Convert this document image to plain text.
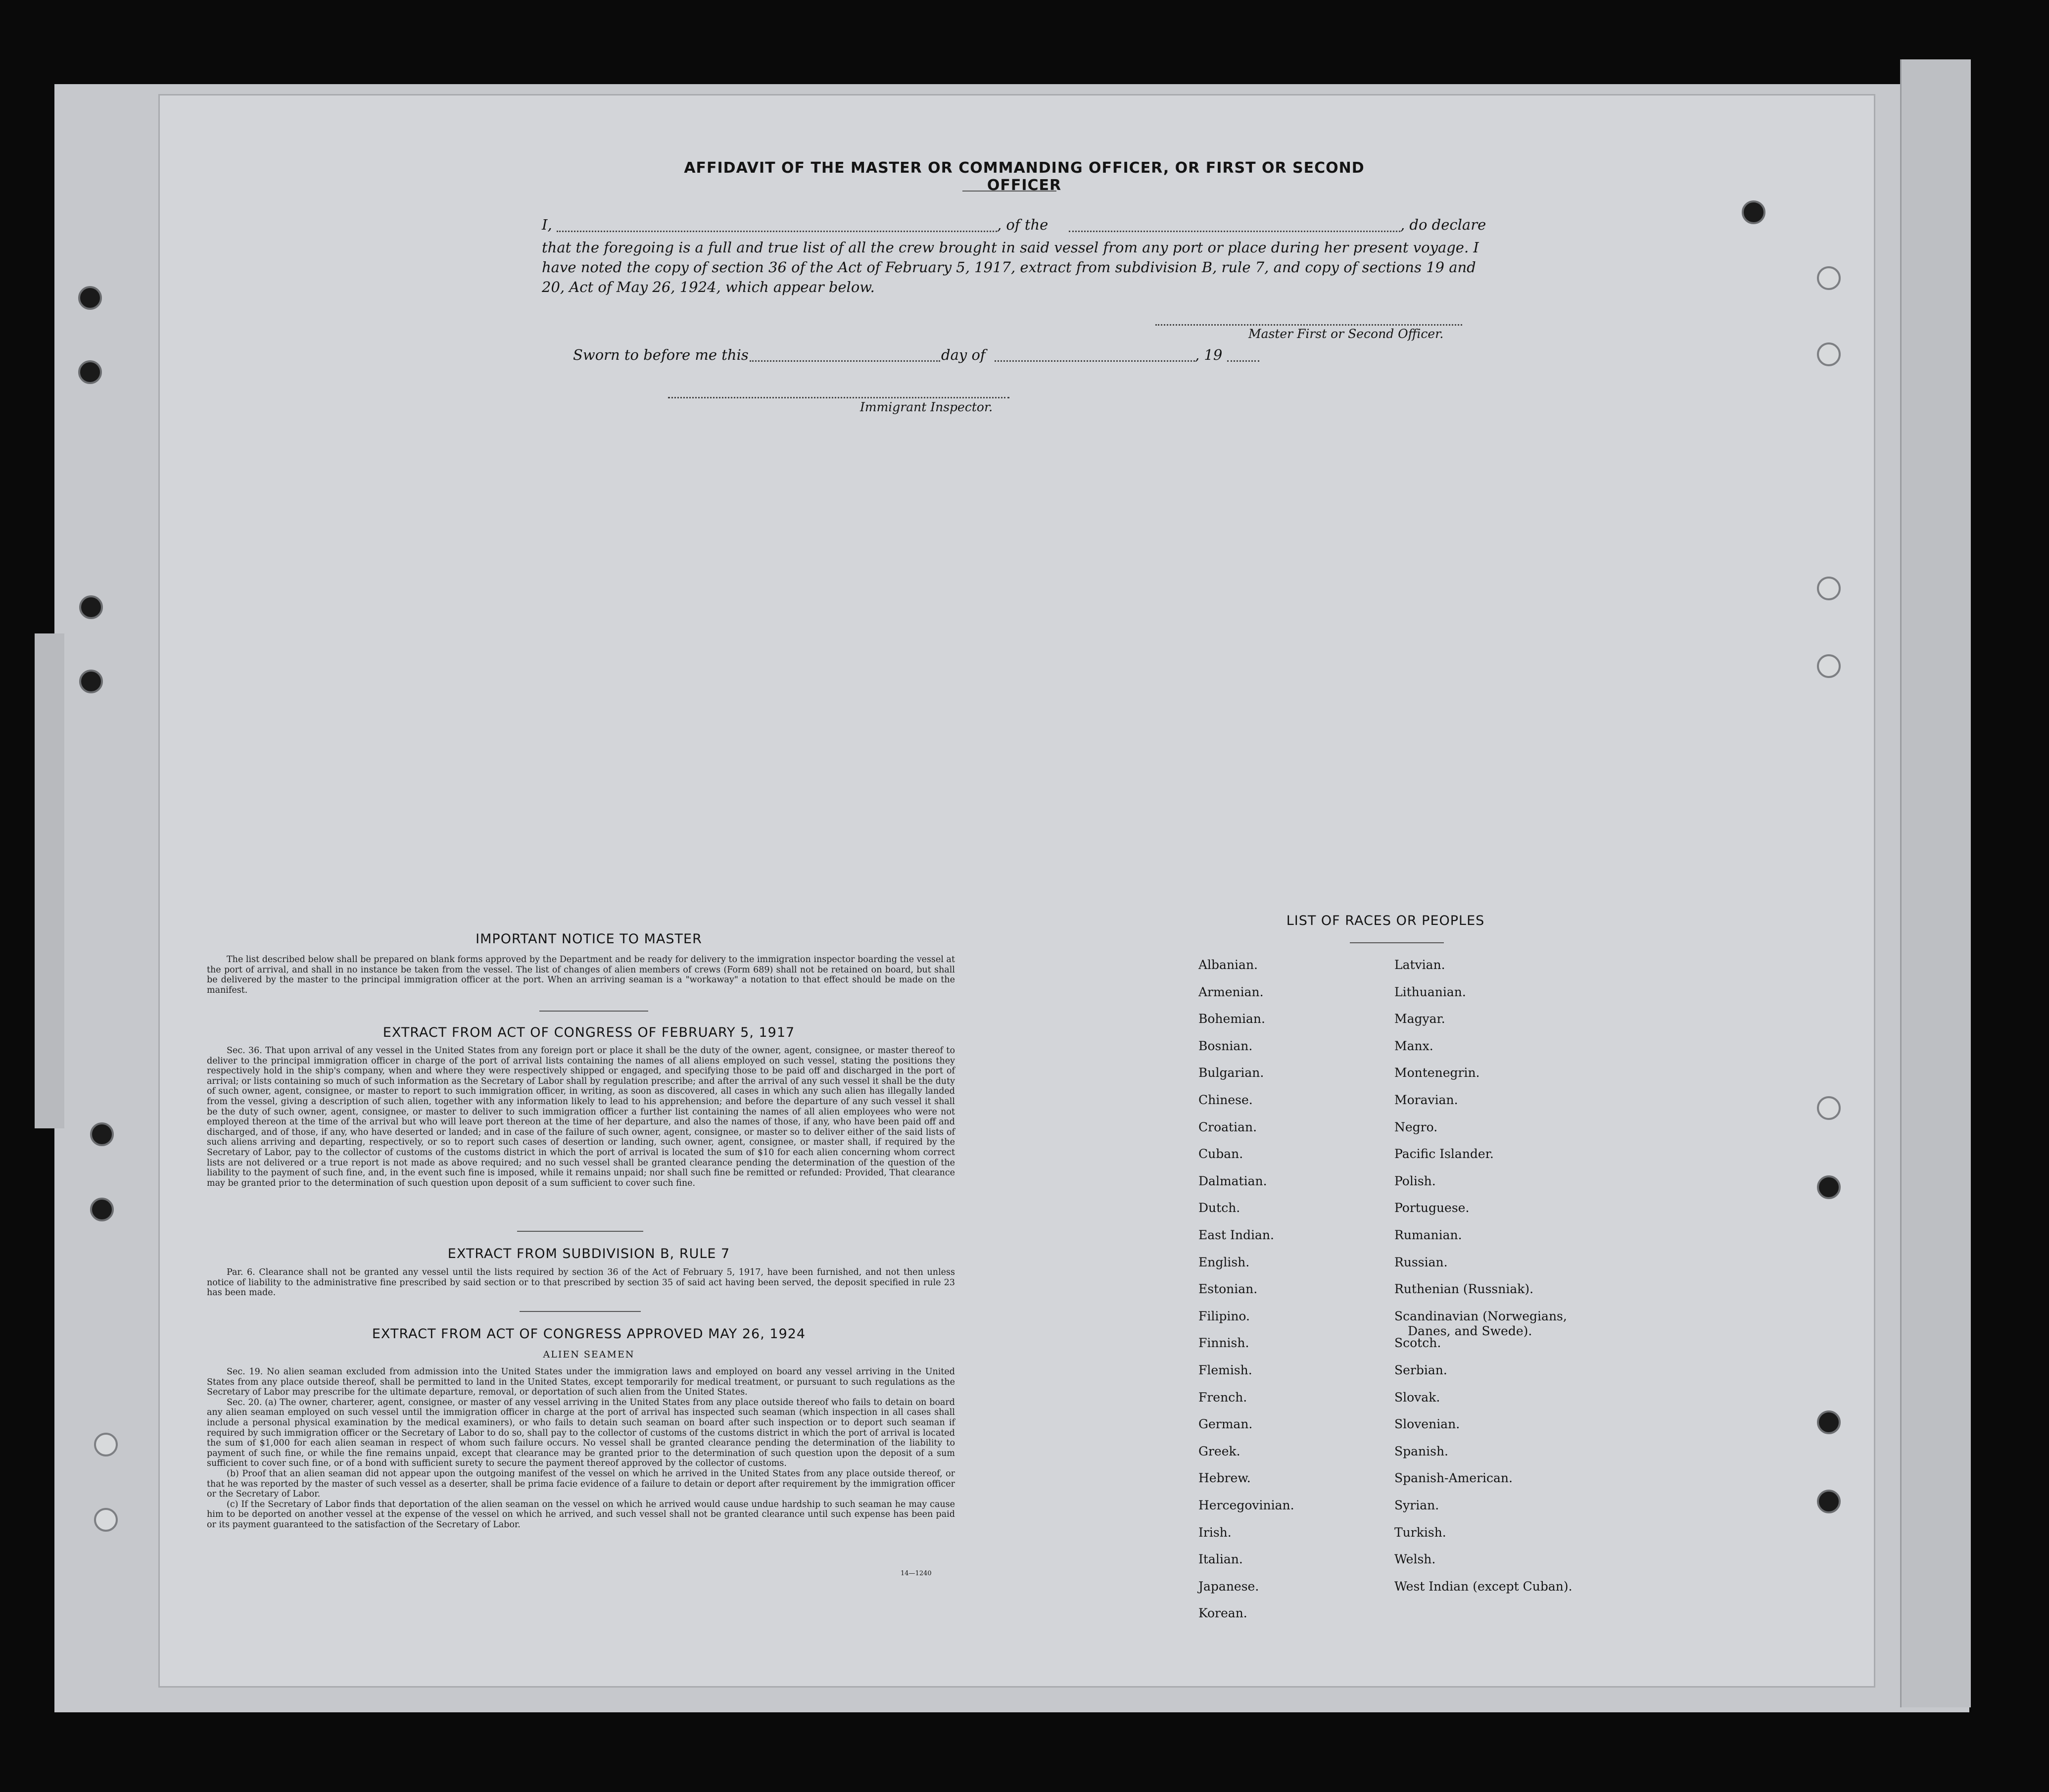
AFFIDAVIT OF THE MASTER OR COMMANDING OFFICER, OR FIRST OR SECOND OFFICER
I,	, of the	, do declare
that the foregoing is a full and true list of all the crew brought in said vessel from any port or place during her present voyage. I have noted the copy of section 36 of the Act of February 5, 1917, extract from subdivision B, rule 7, and copy of sections 19 and 20, Act of May 26, 1924, which appear below.
Master First or Second Officer.
Sworn to before me this	day of	, 19
Immigrant Inspector.
IMPORTANT NOTICE TO MASTER

The list described below shall be prepared on blank forms approved by the Department and be ready for delivery to the immigration inspector boarding the vessel at the port of arrival, and shall in no instance be taken from the vessel. The list of changes of alien members of crews (Form 689) shall not be retained on board, but shall be delivered by the master to the principal immigration officer at the port. When an arriving seaman is a "workaway" a notation to that effect should be made on the manifest.

EXTRACT FROM ACT OF CONGRESS OF FEBRUARY 5, 1917

Sec. 36. That upon arrival of any vessel in the United States from any foreign port or place it shall be the duty of the owner, agent, consignee, or master thereof to deliver to the principal immigration officer in charge of the port of arrival lists containing the names of all aliens employed on such vessel, stating the positions they respectively hold in the ship's company, when and where they were respectively shipped or engaged, and specifying those to be paid off and discharged in the port of arrival; or lists containing so much of such information as the Secretary of Labor shall by regulation prescribe; and after the arrival of any such vessel it shall be the duty of such owner, agent, consignee, or master to report to such immigration officer, in writing, as soon as discovered, all cases in which any such alien has illegally landed from the vessel, giving a description of such alien, together with any information likely to lead to his apprehension; and before the departure of any such vessel it shall be the duty of such owner, agent, consignee, or master to deliver to such immigration officer a further list containing the names of all alien employees who were not employed thereon at the time of the arrival but who will leave port thereon at the time of her departure, and also the names of those, if any, who have been paid off and discharged, and of those, if any, who have deserted or landed; and in case of the failure of such owner, agent, consignee, or master so to deliver either of the said lists of such aliens arriving and departing, respectively, or so to report such cases of desertion or landing, such owner, agent, consignee, or master shall, if required by the Secretary of Labor, pay to the collector of customs of the customs district in which the port of arrival is located the sum of $10 for each alien concerning whom correct lists are not delivered or a true report is not made as above required; and no such vessel shall be granted clearance pending the determination of the question of the liability to the payment of such fine, and, in the event such fine is imposed, while it remains unpaid; nor shall such fine be remitted or refunded: Provided, That clearance may be granted prior to the determination of such question upon deposit of a sum sufficient to cover such fine.

EXTRACT FROM SUBDIVISION B, RULE 7

Par. 6. Clearance shall not be granted any vessel until the lists required by section 36 of the Act of February 5, 1917, have been furnished, and not then unless notice of liability to the administrative fine prescribed by said section or to that prescribed by section 35 of said act having been served, the deposit specified in rule 23 has been made.

EXTRACT FROM ACT OF CONGRESS APPROVED MAY 26, 1924
ALIEN SEAMEN

Sec. 19. No alien seaman excluded from admission into the United States under the immigration laws and employed on board any vessel arriving in the United States from any place outside thereof, shall be permitted to land in the United States, except temporarily for medical treatment, or pursuant to such regulations as the Secretary of Labor may prescribe for the ultimate departure, removal, or deportation of such alien from the United States.

Sec. 20. (a) The owner, charterer, agent, consignee, or master of any vessel arriving in the United States from any place outside thereof who fails to detain on board any alien seaman employed on such vessel until the immigration officer in charge at the port of arrival has inspected such seaman (which inspection in all cases shall include a personal physical examination by the medical examiners), or who fails to detain such seaman on board after such inspection or to deport such seaman if required by such immigration officer or the Secretary of Labor to do so, shall pay to the collector of customs of the customs district in which the port of arrival is located the sum of $1,000 for each alien seaman in respect of whom such failure occurs. No vessel shall be granted clearance pending the determination of the liability to payment of such fine, or while the fine remains unpaid, except that clearance may be granted prior to the determination of such question upon the deposit of a sum sufficient to cover such fine, or of a bond with sufficient surety to secure the payment thereof approved by the collector of customs.

(b) Proof that an alien seaman did not appear upon the outgoing manifest of the vessel on which he arrived in the United States from any place outside thereof, or that he was reported by the master of such vessel as a deserter, shall be prima facie evidence of a failure to detain or deport after requirement by the immigration officer or the Secretary of Labor.

(c) If the Secretary of Labor finds that deportation of the alien seaman on the vessel on which he arrived would cause undue hardship to such seaman he may cause him to be deported on another vessel at the expense of the vessel on which he arrived, and such vessel shall not be granted clearance until such expense has been paid or its payment guaranteed to the satisfaction of the Secretary of Labor.

14—1240
LIST OF RACES OR PEOPLES
Albanian.
Armenian.
Bohemian.
Bosnian.
Bulgarian.
Chinese.
Croatian.
Cuban.
Dalmatian.
Dutch.
East Indian.
English.
Estonian.
Filipino.
Finnish.
Flemish.
French.
German.
Greek.
Hebrew.
Hercegovinian.
Irish.
Italian.
Japanese.
Korean.
Latvian.
Lithuanian.
Magyar.
Manx.
Montenegrin.
Moravian.
Negro.
Pacific Islander.
Polish.
Portuguese.
Rumanian.
Russian.
Ruthenian (Russniak).
Scandinavian (Norwegians,
Danes, and Swede).
Scotch.
Serbian.
Slovak.
Slovenian.
Spanish.
Spanish-American.
Syrian.
Turkish.
Welsh.
West Indian (except Cuban).
